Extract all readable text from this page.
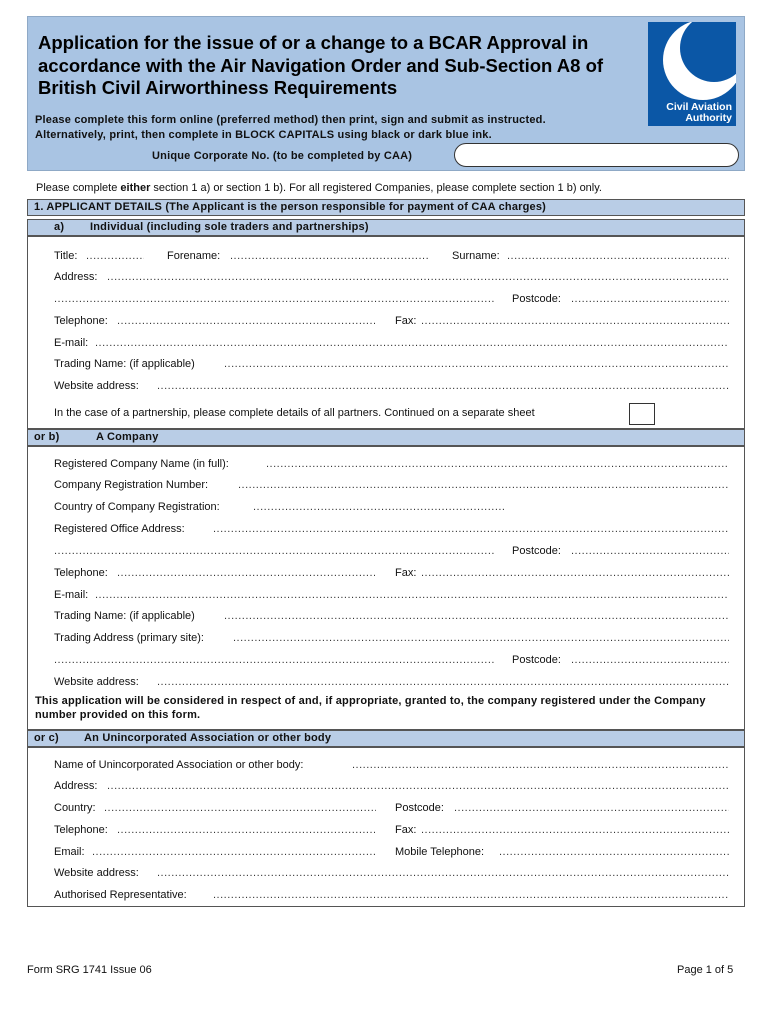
Application for the issue of or a change to a BCAR Approval in accordance with the Air Navigation Order and Sub-Section A8 of British Civil Airworthiness Requirements
Civil Aviation
Authority
Please complete this form online (preferred method) then print, sign and submit as instructed.
Alternatively, print, then complete in BLOCK CAPITALS using black or dark blue ink.
Unique Corporate No. (to be completed by CAA)
Please complete either section 1 a) or section 1 b). For all registered Companies, please complete section 1 b) only.
1. APPLICANT DETAILS (The Applicant is the person responsible for payment of CAA charges)
a) Individual (including sole traders and partnerships)
Title: .....	Forename: .....	Surname:
.....
Address:
.....
.....
Postcode:
.....
Telephone: .....	Fax:
.....
E-mail:
.....
Trading Name: (if applicable)
.....
Website address:
.....
In the case of a partnership, please complete details of all partners. Continued on a separate sheet
or b)	A Company
Registered Company Name (in full):
.....
Company Registration Number:
.....
Country of Company Registration:
.....
Registered Office Address:
.....
.....
Postcode:
.....
Telephone: .....	Fax:
.....
E-mail:
.....
Trading Name: (if applicable)
.....
Trading Address (primary site):
.....
.....
Postcode:
.....
Website address:
.....
This application will be considered in respect of and, if appropriate, granted to, the company registered under the Company number provided on this form.
or c) An Unincorporated Association or other body
Name of Unincorporated Association or other body:
.....
Address:
.....
Country: .....	Postcode:
.....
Telephone: .....	Fax:
.....
Email: .....	Mobile Telephone:
.....
Website address:
.....
Authorised Representative:
.....
Form SRG 1741 Issue 06	Page 1 of 5
